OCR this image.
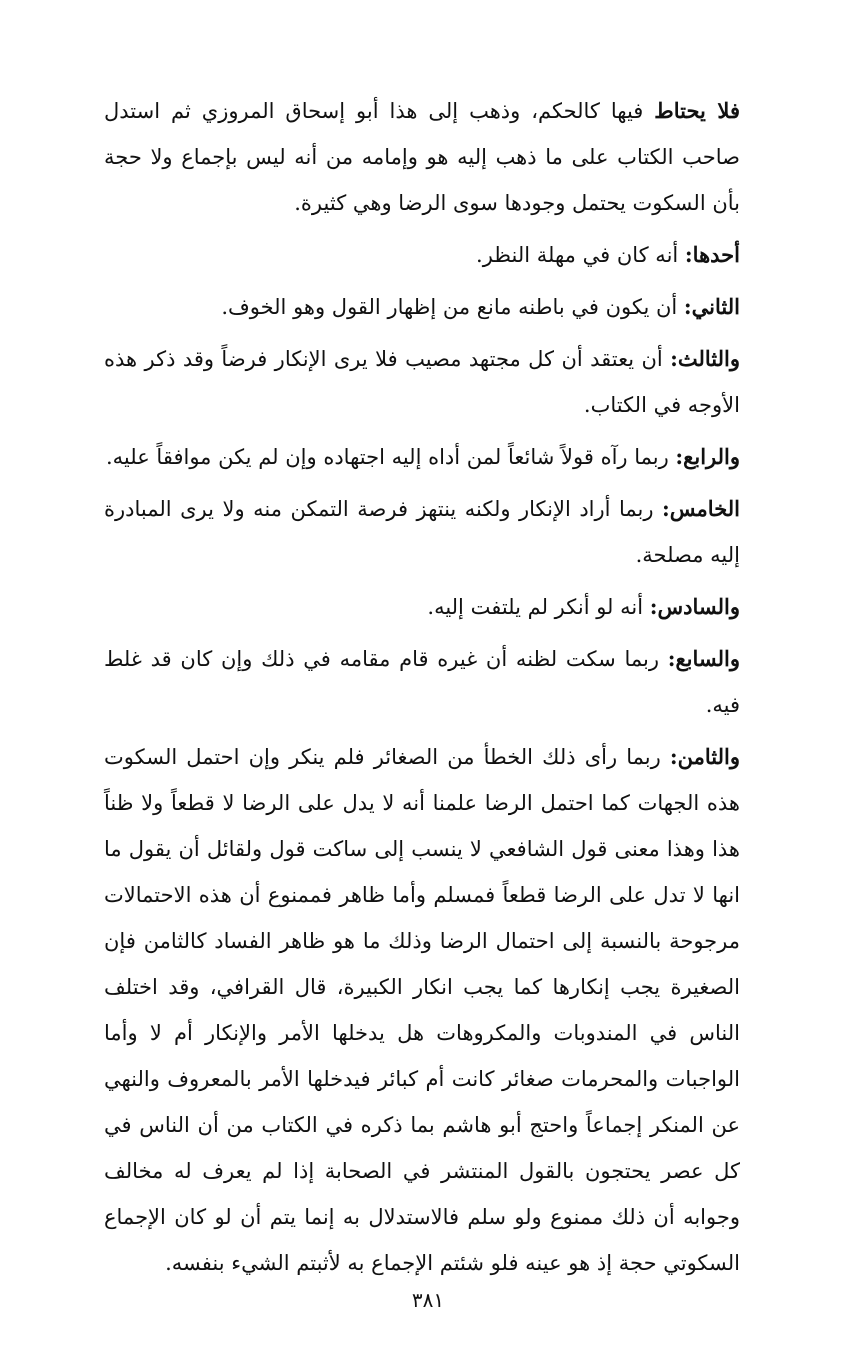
فلا يحتاط فيها كالحكم، وذهب إلى هذا أبو إسحاق المروزي ثم استدل صاحب الكتاب على ما ذهب إليه هو وإمامه من أنه ليس بإجماع ولا حجة بأن السكوت يحتمل وجودها سوى الرضا وهي كثيرة.

أحدها: أنه كان في مهلة النظر.

الثاني: أن يكون في باطنه مانع من إظهار القول وهو الخوف.

والثالث: أن يعتقد أن كل مجتهد مصيب فلا يرى الإنكار فرضاً وقد ذكر هذه الأوجه في الكتاب.

والرابع: ربما رآه قولاً شائعاً لمن أداه إليه اجتهاده وإن لم يكن موافقاً عليه.

الخامس: ربما أراد الإنكار ولكنه ينتهز فرصة التمكن منه ولا يرى المبادرة إليه مصلحة.

والسادس: أنه لو أنكر لم يلتفت إليه.

والسابع: ربما سكت لظنه أن غيره قام مقامه في ذلك وإن كان قد غلط فيه.

والثامن: ربما رأى ذلك الخطأ من الصغائر فلم ينكر وإن احتمل السكوت هذه الجهات كما احتمل الرضا علمنا أنه لا يدل على الرضا لا قطعاً ولا ظناً هذا وهذا معنى قول الشافعي لا ينسب إلى ساكت قول ولقائل أن يقول ما انها لا تدل على الرضا قطعاً فمسلم وأما ظاهر فممنوع أن هذه الاحتمالات مرجوحة بالنسبة إلى احتمال الرضا وذلك ما هو ظاهر الفساد كالثامن فإن الصغيرة يجب إنكارها كما يجب انكار الكبيرة، قال القرافي، وقد اختلف الناس في المندوبات والمكروهات هل يدخلها الأمر والإنكار أم لا وأما الواجبات والمحرمات صغائر كانت أم كبائر فيدخلها الأمر بالمعروف والنهي عن المنكر إجماعاً واحتج أبو هاشم بما ذكره في الكتاب من أن الناس في كل عصر يحتجون بالقول المنتشر في الصحابة إذا لم يعرف له مخالف وجوابه أن ذلك ممنوع ولو سلم فالاستدلال به إنما يتم أن لو كان الإجماع السكوتي حجة إذ هو عينه فلو شئتم الإجماع به لأثبتم الشيء بنفسه.

٣٨١
